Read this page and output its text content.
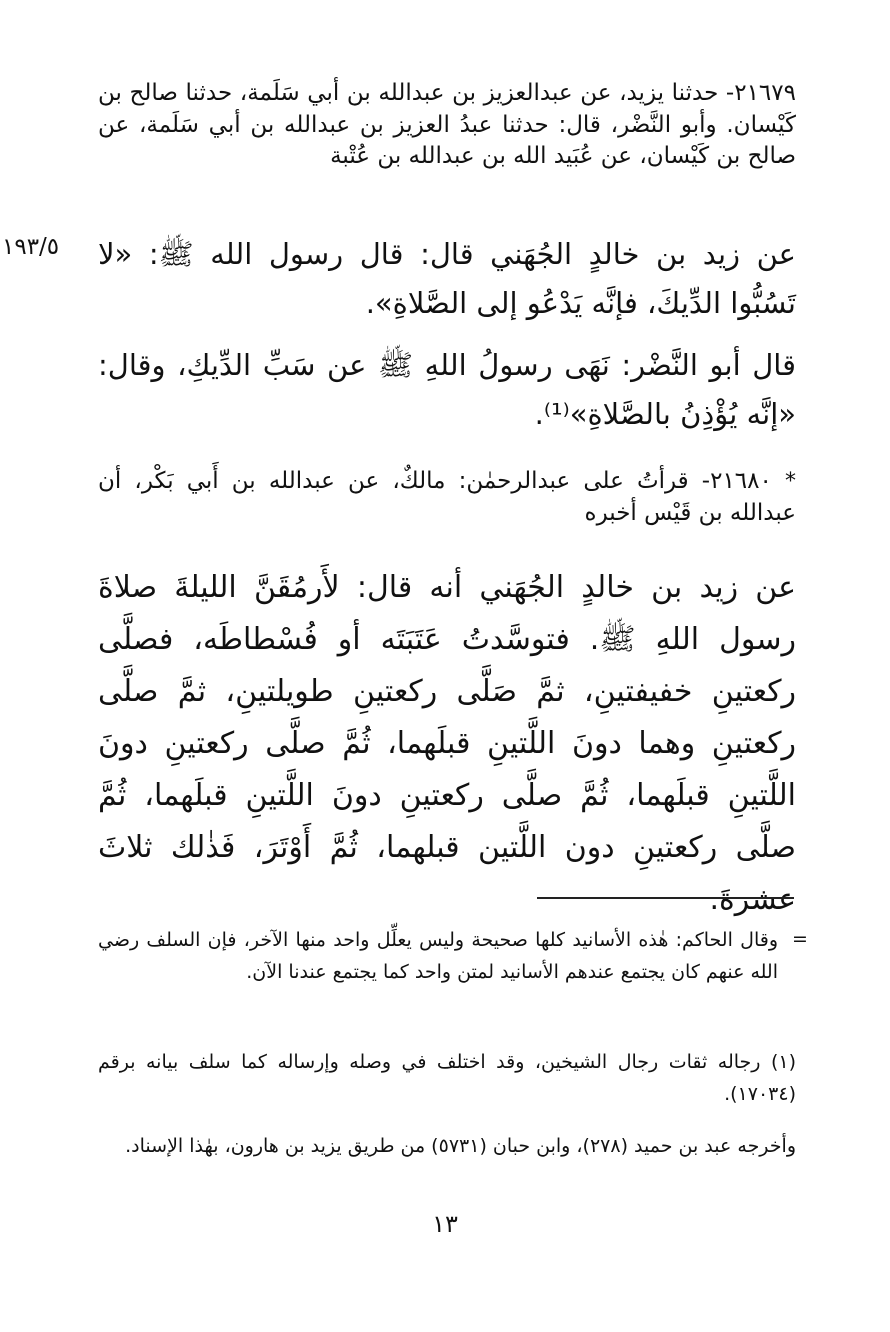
٢١٦٧٩- حدثنا يزيد، عن عبدالعزيز بن عبدالله بن أبي سَلَمة، حدثنا صالح بن كَيْسان. وأبو النَّضْر، قال: حدثنا عبدُ العزيز بن عبدالله بن أبي سَلَمة، عن صالح بن كَيْسان، عن عُبَيد الله بن عبدالله بن عُتْبة

١٩٣/٥	عن زيد بن خالدٍ الجُهَني قال: قال رسول الله ﷺ: «لا تَسُبُّوا الدِّيكَ، فإنَّه يَدْعُو إلى الصَّلاةِ».

قال أبو النَّضْر: نَهَى رسولُ اللهِ ﷺ عن سَبِّ الدِّيكِ، وقال: «إنَّه يُؤْذِنُ بالصَّلاةِ»⁽¹⁾.

* ٢١٦٨٠- قرأتُ على عبدالرحمٰن: مالكٌ، عن عبدالله بن أَبي بَكْر، أن عبدالله بن قَيْس أخبره

عن زيد بن خالدٍ الجُهَني أنه قال: لأَرمُقَنَّ الليلةَ صلاةَ رسول اللهِ ﷺ. فتوسَّدتُ عَتَبَتَه أو فُسْطاطَه، فصلَّى ركعتينِ خفيفتينِ، ثمَّ صَلَّى ركعتينِ طويلتينِ، ثمَّ صلَّى ركعتينِ وهما دونَ اللَّتينِ قبلَهما، ثُمَّ صلَّى ركعتينِ دونَ اللَّتينِ قبلَهما، ثُمَّ صلَّى ركعتينِ دونَ اللَّتينِ قبلَهما، ثُمَّ صلَّى ركعتينِ دون اللَّتين قبلهما، ثُمَّ أَوْتَرَ، فَذٰلك ثلاثَ عشرةَ.

=

وقال الحاكم: هٰذه الأسانيد كلها صحيحة وليس يعلِّل واحد منها الآخر، فإن السلف رضي الله عنهم كان يجتمع عندهم الأسانيد لمتن واحد كما يجتمع عندنا الآن.

(١) رجاله ثقات رجال الشيخين، وقد اختلف في وصله وإرساله كما سلف بيانه برقم (١٧٠٣٤).

وأخرجه عبد بن حميد (٢٧٨)، وابن حبان (٥٧٣١) من طريق يزيد بن هارون، بهٰذا الإسناد.

١٣
